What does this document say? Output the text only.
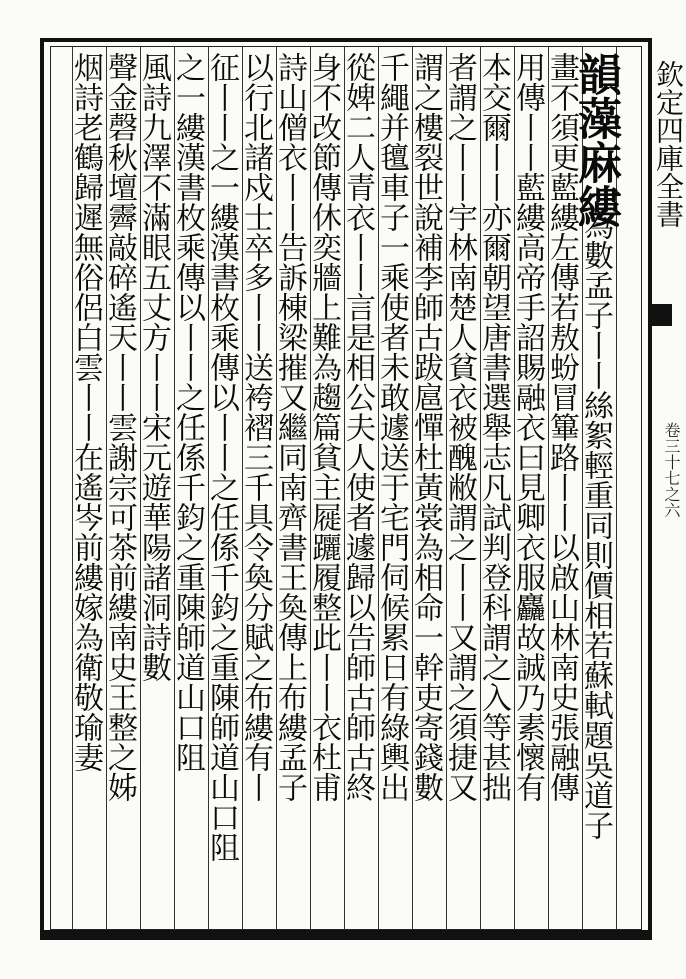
韻藻麻縷
為數孟子丨丨絲絮輕重同則價相若蘇軾題吳道子
畫不須更藍縷左傳若敖蚡冒篳路丨丨以啟山林南史張融傳
用傳丨丨藍縷高帝手詔賜融衣曰見卿衣服麤故誠乃素懷有
本交爾丨丨亦爾朝望唐書選舉志凡試判登科謂之入等甚拙
者謂之丨丨宇林南楚人貧衣被醜敝謂之丨丨又謂之須捷又
謂之樓裂世說補李師古跋扈憚杜黃裳為相命一幹吏寄錢數
千繩并氊車子一乘使者未敢遽送于宅門伺候累日有綠輿出
從婢二人青衣丨丨言是相公夫人使者遽歸以告師古師古終
身不改節傳休奕牆上難為趨篇貧主屣躧履整此丨丨衣杜甫
詩山僧衣丨丨告訴棟梁摧又繼同南齊書王奐傳上布縷孟子
以行北諸戍士卒多丨丨送袴褶三千具令奐分賦之布縷有丨
征丨丨之一縷漢書枚乘傳以丨丨之任係千鈞之重陳師道山口阻
之一縷漢書枚乘傳以丨丨之任係千鈞之重陳師道山口阻
風詩九澤不滿眼五丈方丨丨宋元遊華陽諸洞詩數
聲金磬秋壇霽敲碎遙天丨丨雲謝宗可茶前縷南史王整之姊
烟詩老鶴歸遲無俗侶白雲丨丨在遙岑前縷嫁為衛敬瑜妻	欽定四庫全書
卷三十七之六
